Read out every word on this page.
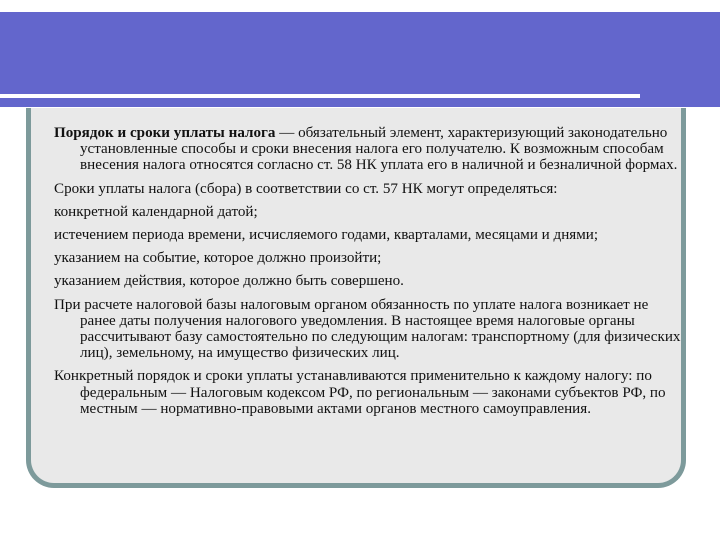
Порядок и сроки уплаты налога — обязательный элемент, характеризующий законодательно установленные способы и сроки внесения налога его получателю. К возможным способам внесения налога относятся согласно ст. 58 НК уплата его в наличной и безналичной формах.

Сроки уплаты налога (сбора) в соответствии со ст. 57 НК могут определяться:

конкретной календарной датой;

истечением периода времени, исчисляемого годами, кварталами, месяцами и днями;

указанием на событие, которое должно произойти;

указанием действия, которое должно быть совершено.

При расчете налоговой базы налоговым органом обязанность по уплате налога возникает не ранее даты получения налогового уведомления. В настоящее время налоговые органы рассчитывают базу самостоятельно по следующим налогам: транспортному (для физических лиц), земельному, на имущество физических лиц.

Конкретный порядок и сроки уплаты устанавливаются применительно к каждому налогу: по федеральным — Налоговым кодексом РФ, по региональным — законами субъектов РФ, по местным — нормативно-правовыми актами органов местного самоуправления.
